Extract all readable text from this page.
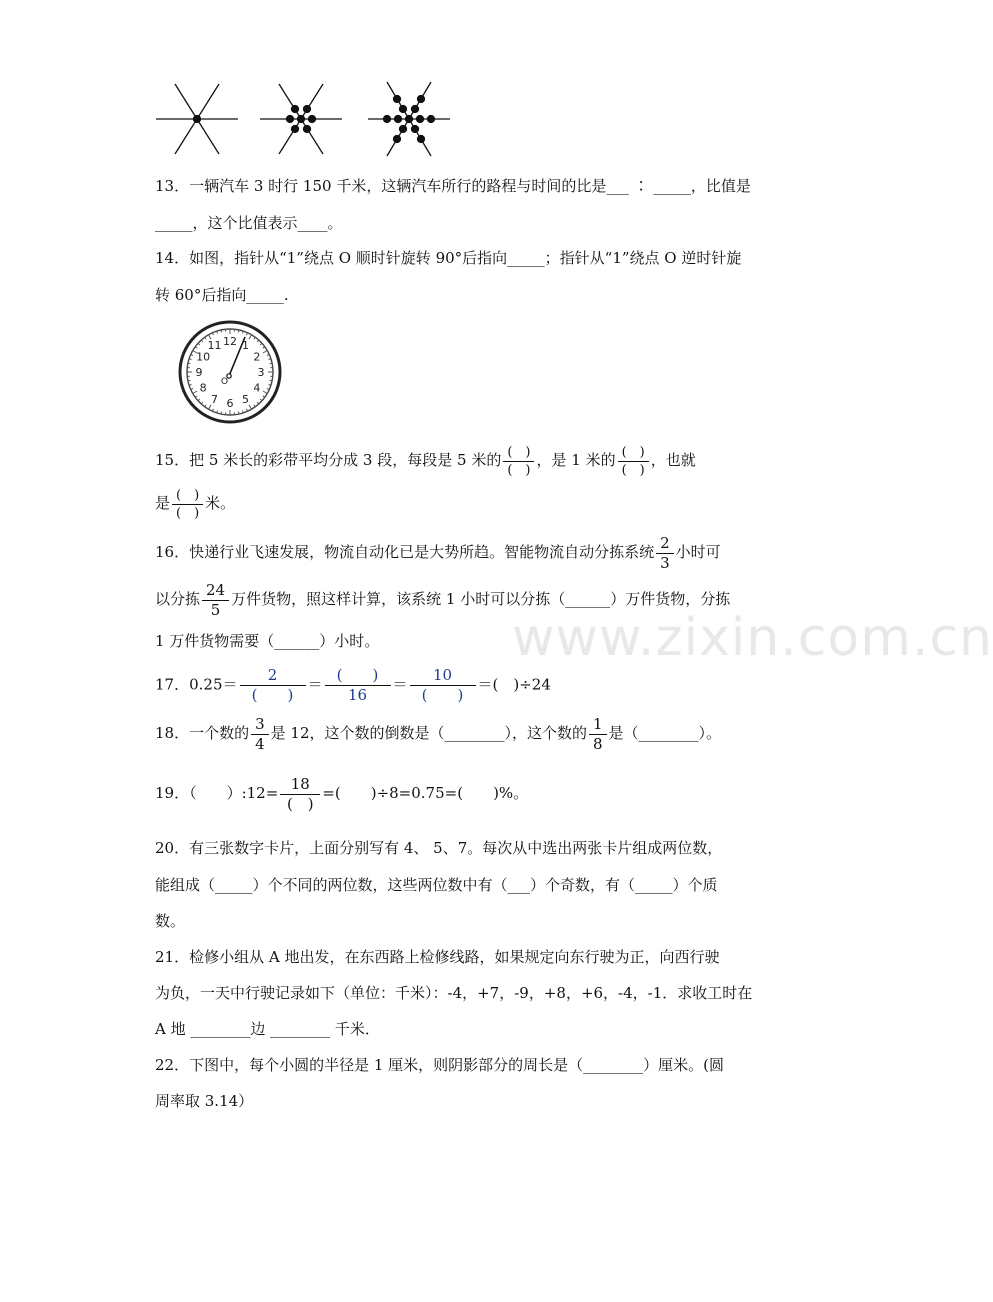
www.zixin.com.cn
13．一辆汽车 3 时行 150 千米，这辆汽车所行的路程与时间的比是___ ∶ _____，比值是
_____，这个比值表示____。
14．如图，指针从“1”绕点 O 顺时针旋转 90°后指向_____；指针从“1”绕点 O 逆时针旋
转 60°后指向_____.
12 1
2
3
4
5
6
7
8
9
10
11
O
15．把 5 米长的彩带平均分成 3 段，每段是 5 米的 $\frac{( )}{( )}$ ，是 1 米的 $\frac{( )}{( )}$ ，也就
是 $\frac{( )}{( )}$ 米。
16．快递行业飞速发展，物流自动化已是大势所趋。智能物流自动分拣系统 $\frac{2}{3}$ 小时可
以分拣 $\frac{24}{5}$ 万件货物，照这样计算，该系统 1 小时可以分拣（______）万件货物，分拣
1 万件货物需要（______）小时。
17．$0.25= \frac{2}{( )} = \frac{( )}{16} = \frac{10}{( )}$ ＝(　)÷24
18．一个数的 $\frac{3}{4}$ 是 12，这个数的倒数是（________），这个数的 $\frac{1}{8}$ 是（________）。
19．（　　）:12= $\frac{18}{( )}$ =(　　)÷8=0.75=(　　)%。
20．有三张数字卡片，上面分别写有 4、 5、7。每次从中选出两张卡片组成两位数，
能组成（_____）个不同的两位数，这些两位数中有（___）个奇数，有（_____）个质
数。
21．检修小组从 A 地出发，在东西路上检修线路，如果规定向东行驶为正，向西行驶
为负，一天中行驶记录如下（单位：千米）：-4，+7，-9，+8，+6，-4，-1．求收工时在
A 地 ________边 ________ 千米．
22．下图中，每个小圆的半径是 1 厘米，则阴影部分的周长是（________）厘米。(圆
周率取 3.14）
